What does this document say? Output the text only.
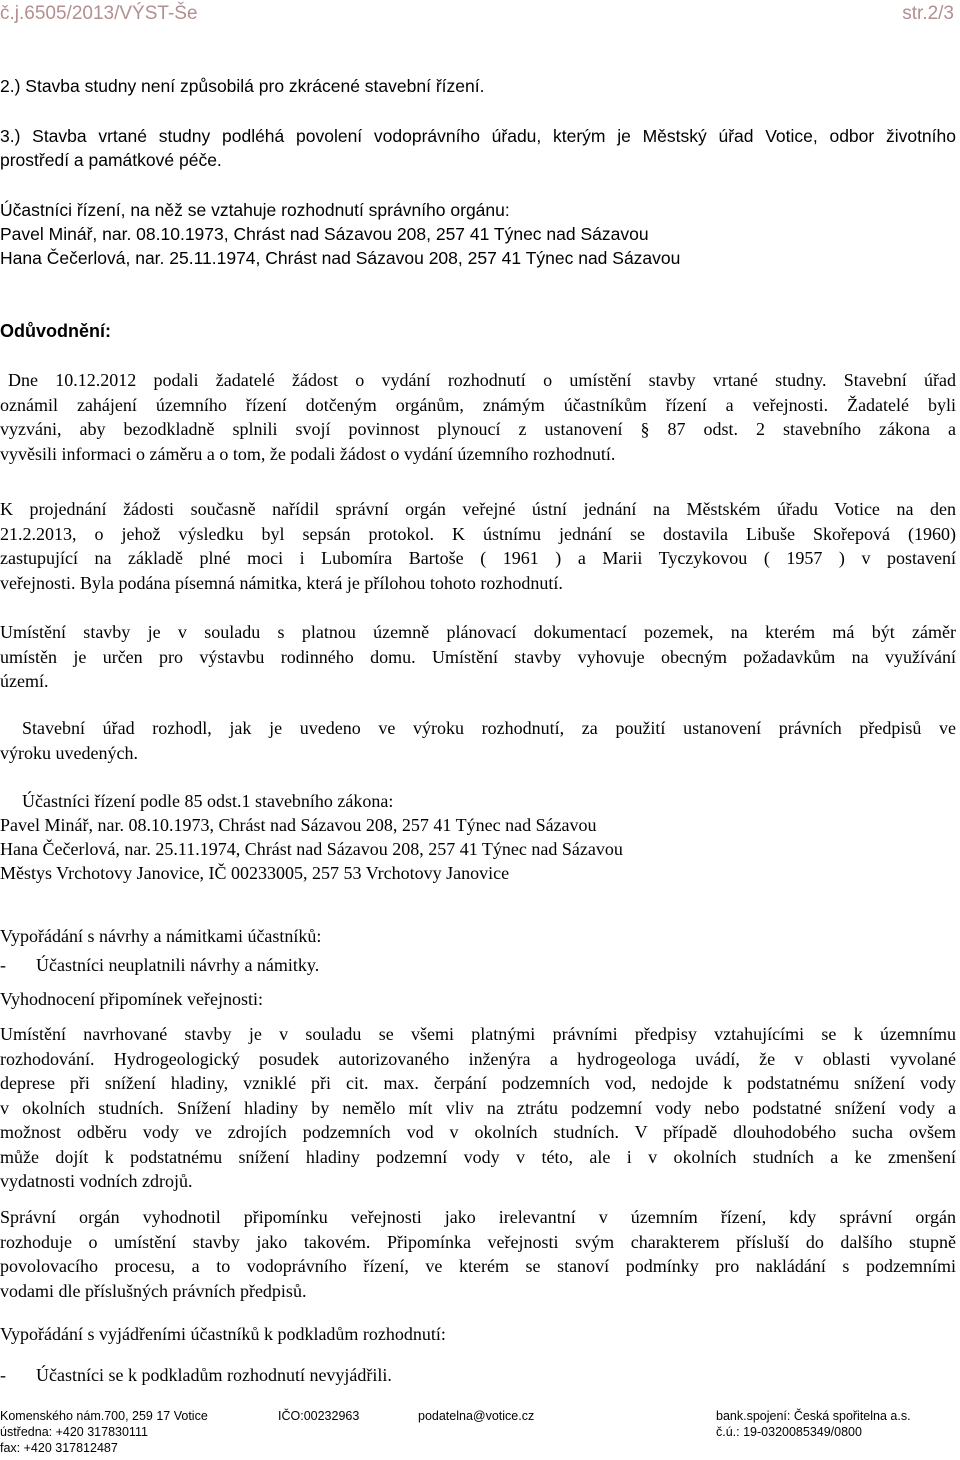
č.j.6505/2013/VÝST-Še	str.2/3

2.) Stavba studny není způsobilá pro zkrácené stavební řízení.

3.) Stavba vrtané studny podléhá povolení vodoprávního úřadu, kterým je Městský úřad Votice, odbor životního

prostředí a památkové péče.

Účastníci řízení, na něž se vztahuje rozhodnutí správního orgánu:

Pavel Minář, nar. 08.10.1973, Chrást nad Sázavou 208, 257 41 Týnec nad Sázavou

Hana Čečerlová, nar. 25.11.1974, Chrást nad Sázavou 208, 257 41 Týnec nad Sázavou

Odůvodnění:

Dne 10.12.2012 podali žadatelé žádost o vydání rozhodnutí o umístění stavby vrtané studny. Stavební úřad
oznámil zahájení územního řízení dotčeným orgánům, známým účastníkům řízení a veřejnosti. Žadatelé byli
vyzváni, aby bezodkladně splnili svojí povinnost plynoucí z ustanovení § 87 odst. 2 stavebního zákona a
vyvěsili informaci o záměru a o tom, že podali žádost o vydání územního rozhodnutí.
K projednání žádosti současně nařídil správní orgán veřejné ústní jednání na Městském úřadu Votice na den
21.2.2013, o jehož výsledku byl sepsán protokol. K ústnímu jednání se dostavila Libuše Skořepová (1960)
zastupující na základě plné moci i Lubomíra Bartoše ( 1961 ) a Marii Tyczykovou ( 1957 ) v postavení
veřejnosti. Byla podána písemná námitka, která je přílohou tohoto rozhodnutí.
Umístění stavby je v souladu s platnou územně plánovací dokumentací pozemek, na kterém má být záměr
umístěn je určen pro výstavbu rodinného domu. Umístění stavby vyhovuje obecným požadavkům na využívání
území.
Stavební úřad rozhodl, jak je uvedeno ve výroku rozhodnutí, za použití ustanovení právních předpisů ve
výroku uvedených.

Účastníci řízení podle 85 odst.1 stavebního zákona:

Pavel Minář, nar. 08.10.1973, Chrást nad Sázavou 208, 257 41 Týnec nad Sázavou

Hana Čečerlová, nar. 25.11.1974, Chrást nad Sázavou 208, 257 41 Týnec nad Sázavou

Městys Vrchotovy Janovice, IČ 00233005, 257 53 Vrchotovy Janovice

Vypořádání s návrhy a námitkami účastníků:

- Účastníci neuplatnili návrhy a námitky.

Vyhodnocení připomínek veřejnosti:

Umístění navrhované stavby je v souladu se všemi platnými právními předpisy vztahujícími se k územnímu
rozhodování. Hydrogeologický posudek autorizovaného inženýra a hydrogeologa uvádí, že v oblasti vyvolané
deprese při snížení hladiny, vzniklé při cit. max. čerpání podzemních vod, nedojde k podstatnému snížení vody
v okolních studních. Snížení hladiny by nemělo mít vliv na ztrátu podzemní vody nebo podstatné snížení vody a
možnost odběru vody ve zdrojích podzemních vod v okolních studních. V případě dlouhodobého sucha ovšem
může dojít k podstatnému snížení hladiny podzemní vody v této, ale i v okolních studních a ke zmenšení
vydatnosti vodních zdrojů.
Správní orgán vyhodnotil připomínku veřejnosti jako irelevantní v územním řízení, kdy správní orgán
rozhoduje o umístění stavby jako takovém. Připomínka veřejnosti svým charakterem přísluší do dalšího stupně
povolovacího procesu, a to vodoprávního řízení, ve kterém se stanoví podmínky pro nakládání s podzemními
vodami dle příslušných právních předpisů.

Vypořádání s vyjádřeními účastníků k podkladům rozhodnutí:

- Účastníci se k podkladům rozhodnutí nevyjádřili.

Komenského nám.700, 259 17 Votice	IČO:00232963	podatelna@votice.cz	bank.spojení: Česká spořitelna a.s.

ústředna: +420 317830111	č.ú.: 19-0320085349/0800

fax: +420 317812487
